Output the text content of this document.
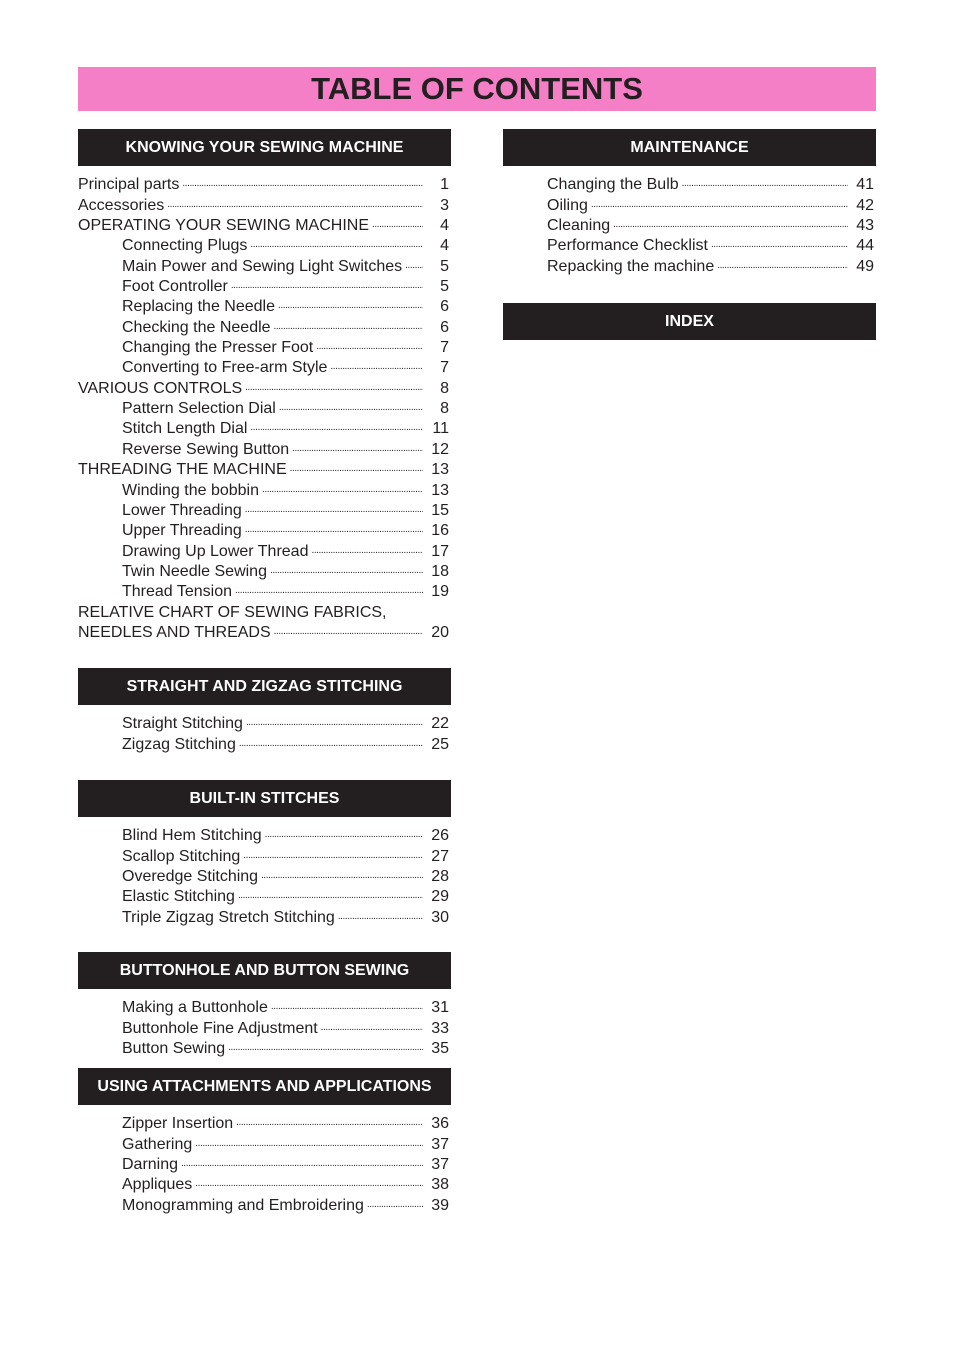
TABLE OF CONTENTS
KNOWING YOUR SEWING MACHINE
Principal parts . . .	1
Accessories . . .	3
OPERATING YOUR SEWING MACHINE . . .	4
Connecting Plugs . . .	4
Main Power and Sewing Light Switches . . .	5
Foot Controller . . .	5
Replacing the Needle . . .	6
Checking the Needle . . .	6
Changing the Presser Foot . . .	7
Converting to Free-arm Style . . .	7
VARIOUS CONTROLS . . .	8
Pattern Selection Dial . . .	8
Stitch Length Dial . . .	11
Reverse Sewing Button . . .	12
THREADING THE MACHINE . . .	13
Winding the bobbin . . .	13
Lower Threading . . .	15
Upper Threading . . .	16
Drawing Up Lower Thread . . .	17
Twin Needle Sewing . . .	18
Thread Tension . . .	19
RELATIVE CHART OF SEWING FABRICS,
NEEDLES AND THREADS . . .	20
STRAIGHT AND ZIGZAG STITCHING
Straight Stitching . . .	22
Zigzag Stitching . . .	25
BUILT-IN STITCHES
Blind Hem Stitching . . .	26
Scallop Stitching . . .	27
Overedge Stitching . . .	28
Elastic Stitching . . .	29
Triple Zigzag Stretch Stitching . . .	30
BUTTONHOLE AND BUTTON SEWING
Making a Buttonhole . . .	31
Buttonhole Fine Adjustment . . .	33
Button Sewing . . .	35
USING ATTACHMENTS AND APPLICATIONS
Zipper Insertion . . .	36
Gathering . . .	37
Darning . . .	37
Appliques . . .	38
Monogramming and Embroidering . . .	39
MAINTENANCE
Changing the Bulb . . .	41
Oiling . . .	42
Cleaning . . .	43
Performance Checklist . . .	44
Repacking the machine . . .	49
INDEX
